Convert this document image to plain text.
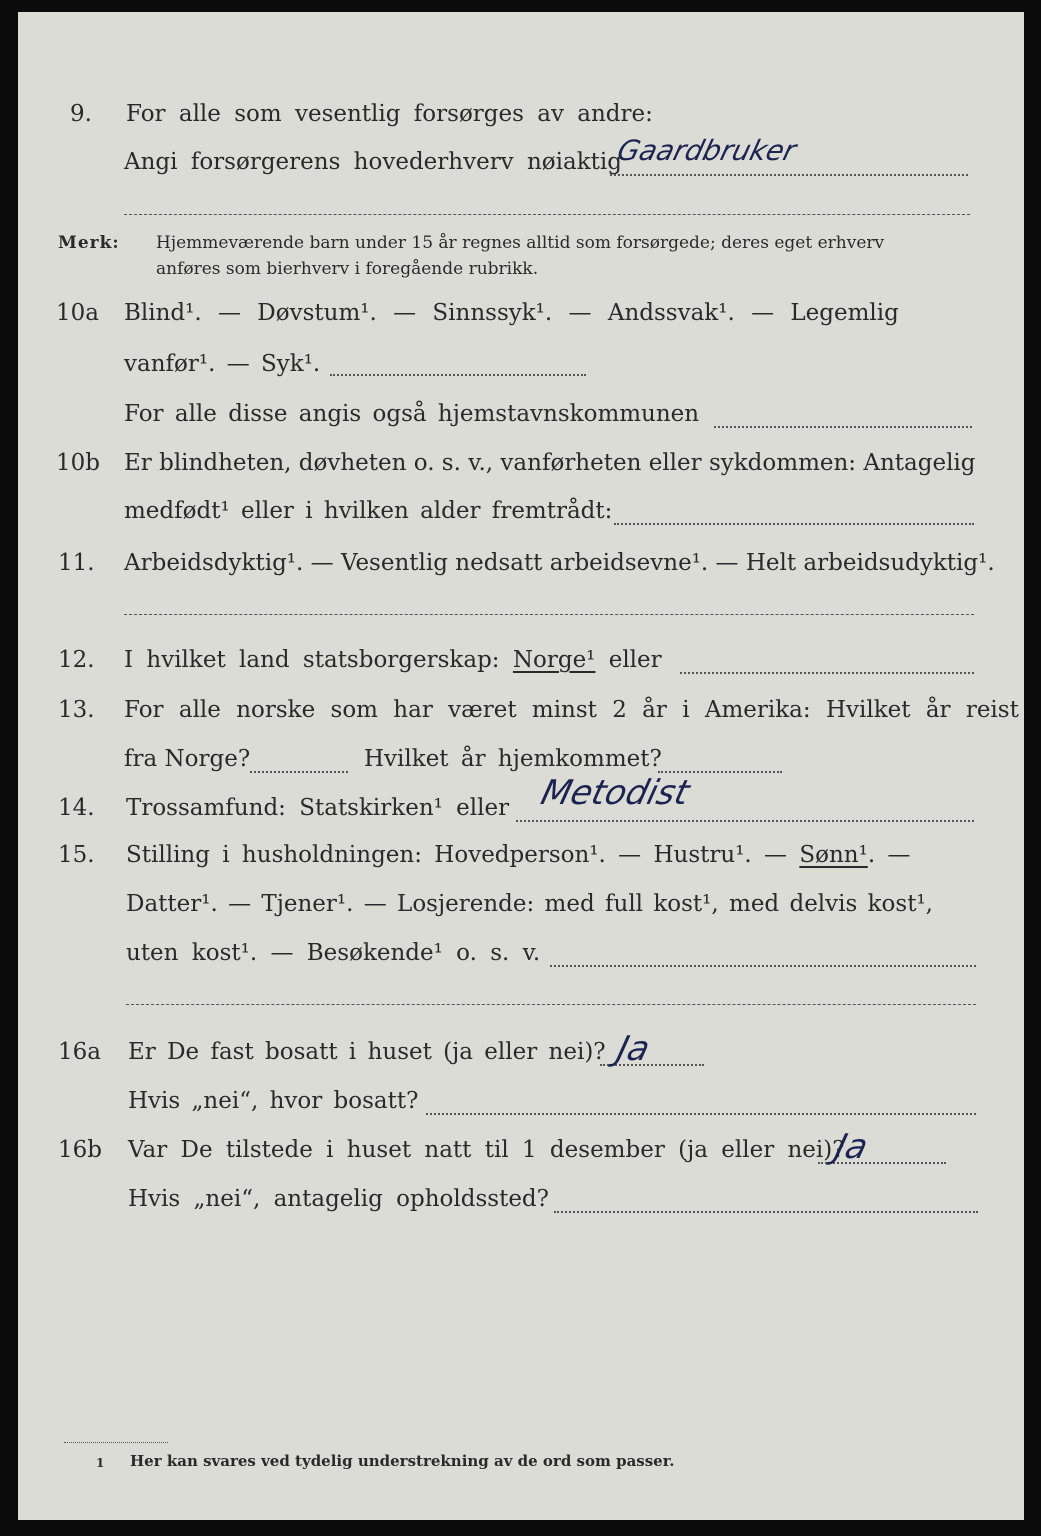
9. For alle som vesentlig forsørges av andre:
Angi forsørgerens hovederhverv nøiaktig
Gaardbruker
Merk: Hjemmeværende barn under 15 år regnes alltid som forsørgede; deres eget erhverv
anføres som bierhverv i foregående rubrikk.
10a Blind¹. — Døvstum¹. — Sinnssyk¹. — Andssvak¹. — Legemlig
vanfør¹. — Syk¹.
For alle disse angis også hjemstavnskommunen
10b Er blindheten, døvheten o. s. v., vanførheten eller sykdommen: Antagelig
medfødt¹ eller i hvilken alder fremtrådt:
11. Arbeidsdyktig¹. — Vesentlig nedsatt arbeidsevne¹. — Helt arbeidsudyktig¹.
12. I hvilket land statsborgerskap: Norge¹ eller
13. For alle norske som har været minst 2 år i Amerika: Hvilket år reist
fra Norge?	Hvilket år hjemkommet?
14. Trossamfund: Statskirken¹ eller Metodist
15. Stilling i husholdningen: Hovedperson¹. — Hustru¹. — Sønn¹. —
Datter¹. — Tjener¹. — Losjerende: med full kost¹, med delvis kost¹,
uten kost¹. — Besøkende¹ o. s. v.
16a Er De fast bosatt i huset (ja eller nei)? Ja
Hvis „nei“, hvor bosatt?
16b Var De tilstede i huset natt til 1 desember (ja eller nei)?
Ja
Hvis „nei“, antagelig opholdssted?
1 Her kan svares ved tydelig understrekning av de ord som passer.
